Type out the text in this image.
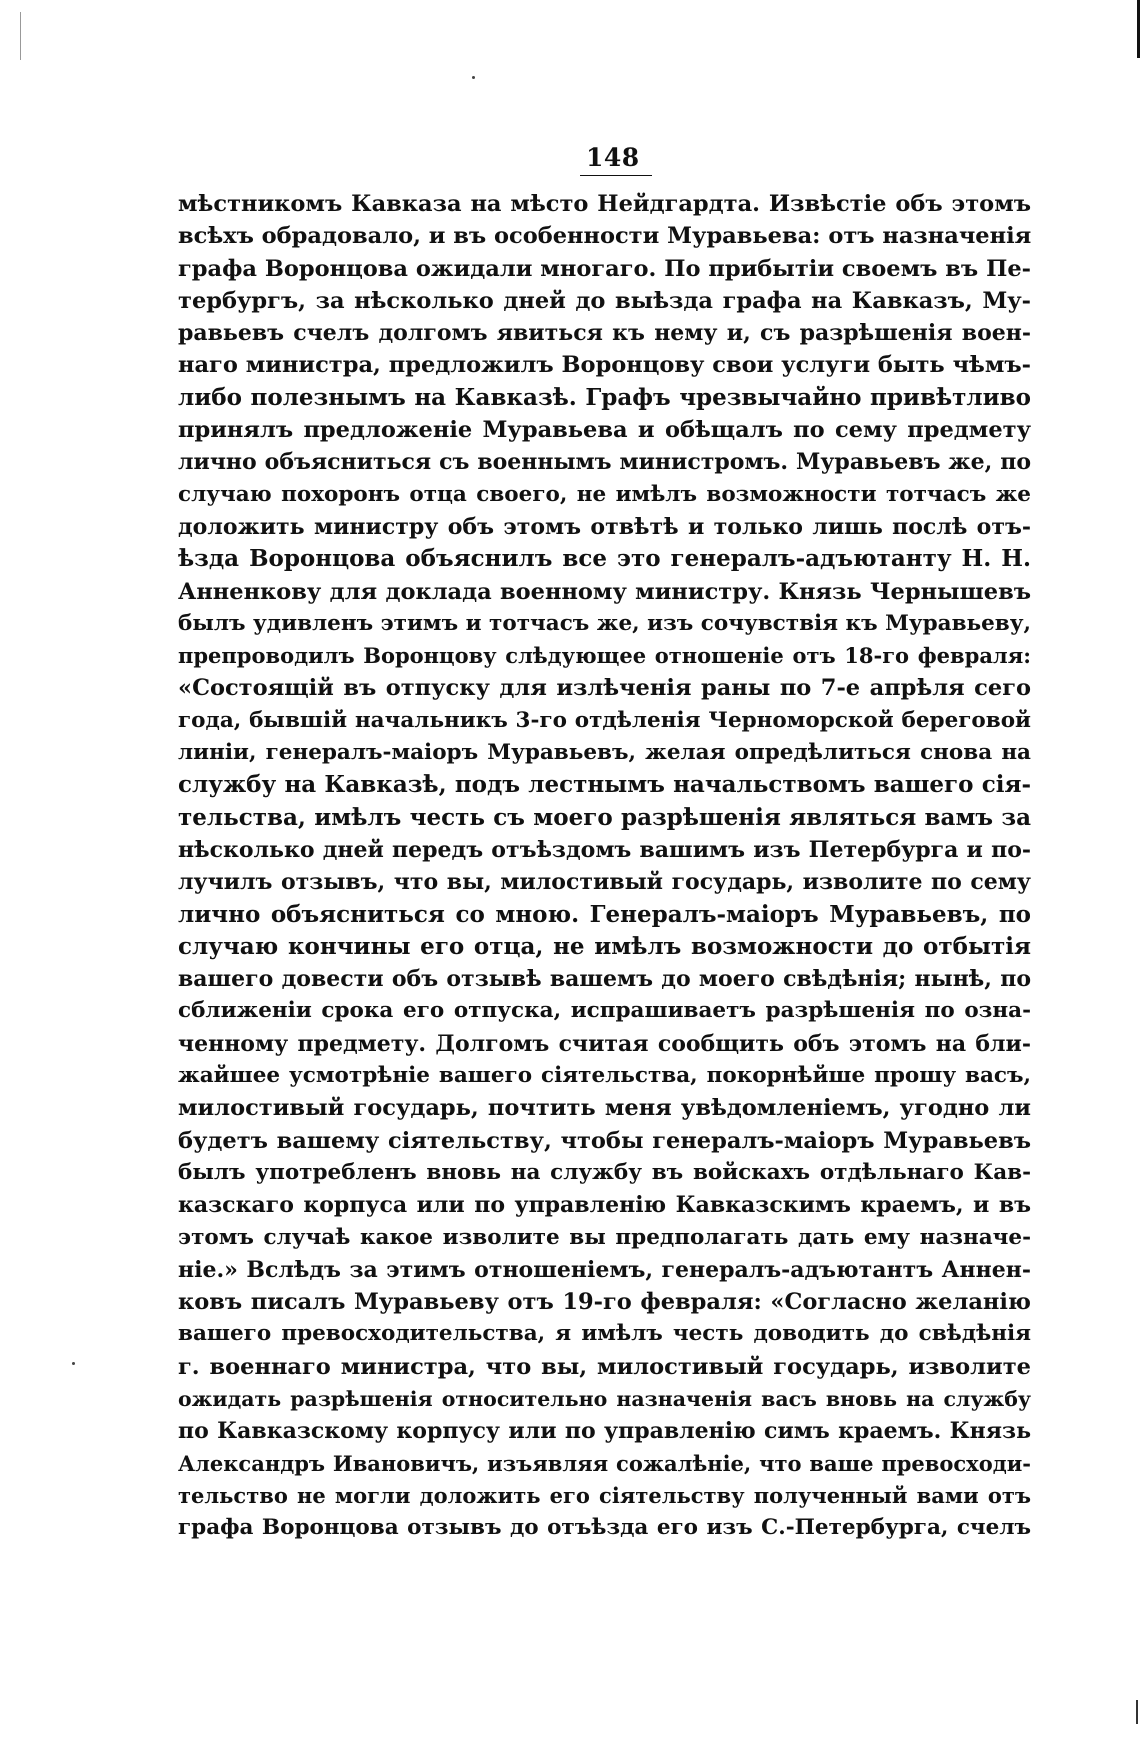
148
мѣстникомъ Кавказа на мѣсто Нейдгардта. Извѣстіе объ этомъ
всѣхъ обрадовало, и въ особенности Муравьева: отъ назначенія
графа Воронцова ожидали многаго. По прибытіи своемъ въ Пе-
тербургъ, за нѣсколько дней до выѣзда графа на Кавказъ, Му-
равьевъ счелъ долгомъ явиться къ нему и, съ разрѣшенія воен-
наго министра, предложилъ Воронцову свои услуги быть чѣмъ-
либо полезнымъ на Кавказѣ. Графъ чрезвычайно привѣтливо
принялъ предложеніе Муравьева и обѣщалъ по сему предмету
лично объясниться съ военнымъ министромъ. Муравьевъ же, по
случаю похоронъ отца своего, не имѣлъ возможности тотчасъ же
доложить министру объ этомъ отвѣтѣ и только лишь послѣ отъ-
ѣзда Воронцова объяснилъ все это генералъ-адъютанту Н. Н.
Анненкову для доклада военному министру. Князь Чернышевъ
былъ удивленъ этимъ и тотчасъ же, изъ сочувствія къ Муравьеву,
препроводилъ Воронцову слѣдующее отношеніе отъ 18-го февраля:
«Состоящій въ отпуску для излѣченія раны по 7-е апрѣля сего
года, бывшій начальникъ 3-го отдѣленія Черноморской береговой
линіи, генералъ-маіоръ Муравьевъ, желая опредѣлиться снова на
службу на Кавказѣ, подъ лестнымъ начальствомъ вашего сія-
тельства, имѣлъ честь съ моего разрѣшенія являться вамъ за
нѣсколько дней передъ отъѣздомъ вашимъ изъ Петербурга и по-
лучилъ отзывъ, что вы, милостивый государь, изволите по сему
лично объясниться со мною. Генералъ-маіоръ Муравьевъ, по
случаю кончины его отца, не имѣлъ возможности до отбытія
вашего довести объ отзывѣ вашемъ до моего свѣдѣнія; нынѣ, по
сближеніи срока его отпуска, испрашиваетъ разрѣшенія по озна-
ченному предмету. Долгомъ считая сообщить объ этомъ на бли-
жайшее усмотрѣніе вашего сіятельства, покорнѣйше прошу васъ,
милостивый государь, почтить меня увѣдомленіемъ, угодно ли
будетъ вашему сіятельству, чтобы генералъ-маіоръ Муравьевъ
былъ употребленъ вновь на службу въ войскахъ отдѣльнаго Кав-
казскаго корпуса или по управленію Кавказскимъ краемъ, и въ
этомъ случаѣ какое изволите вы предполагать дать ему назначе-
ніе.» Вслѣдъ за этимъ отношеніемъ, генералъ-адъютантъ Аннен-
ковъ писалъ Муравьеву отъ 19-го февраля: «Согласно желанію
вашего превосходительства, я имѣлъ честь доводить до свѣдѣнія
г. военнаго министра, что вы, милостивый государь, изволите
ожидать разрѣшенія относительно назначенія васъ вновь на службу
по Кавказскому корпусу или по управленію симъ краемъ. Князь
Александръ Ивановичъ, изъявляя сожалѣніе, что ваше превосходи-
тельство не могли доложить его сіятельству полученный вами отъ
графа Воронцова отзывъ до отъѣзда его изъ С.-Петербурга, счелъ
